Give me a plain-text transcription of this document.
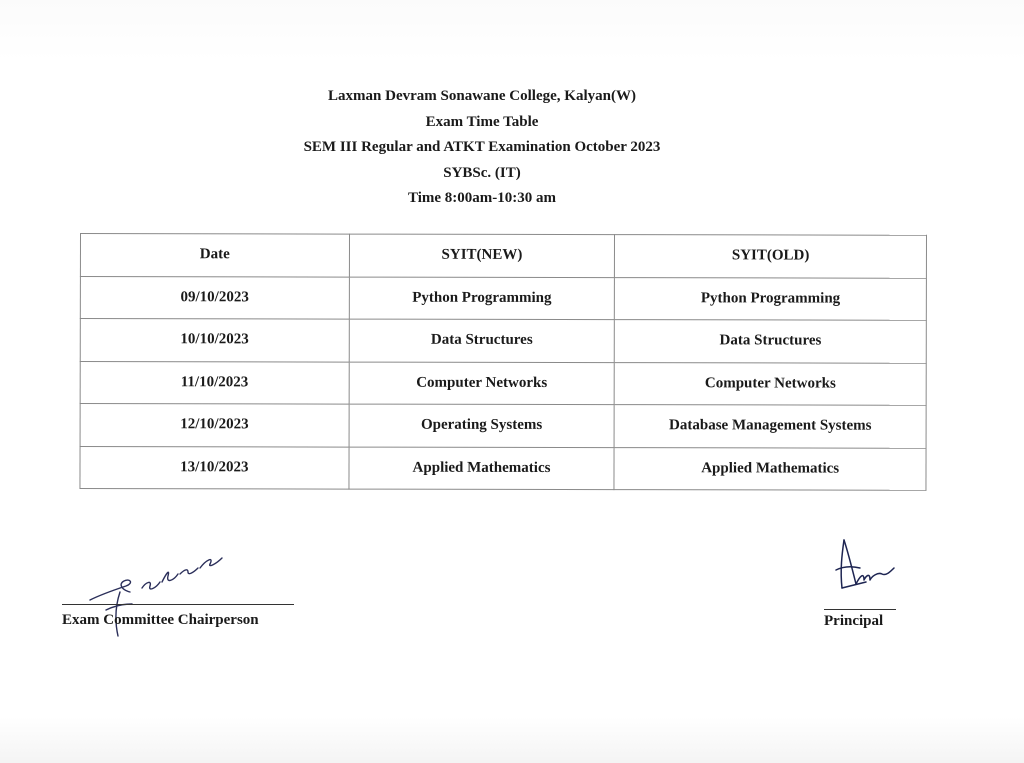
Laxman Devram Sonawane College, Kalyan(W)
Exam Time Table
SEM III Regular and ATKT Examination October 2023
SYBSc. (IT)
Time 8:00am-10:30 am
Date	SYIT(NEW)	SYIT(OLD)
09/10/2023	Python Programming	Python Programming
10/10/2023	Data Structures	Data Structures
11/10/2023	Computer Networks	Computer Networks
12/10/2023	Operating Systems	Database Management Systems
13/10/2023	Applied Mathematics	Applied Mathematics
Exam Committee Chairperson	Principal
